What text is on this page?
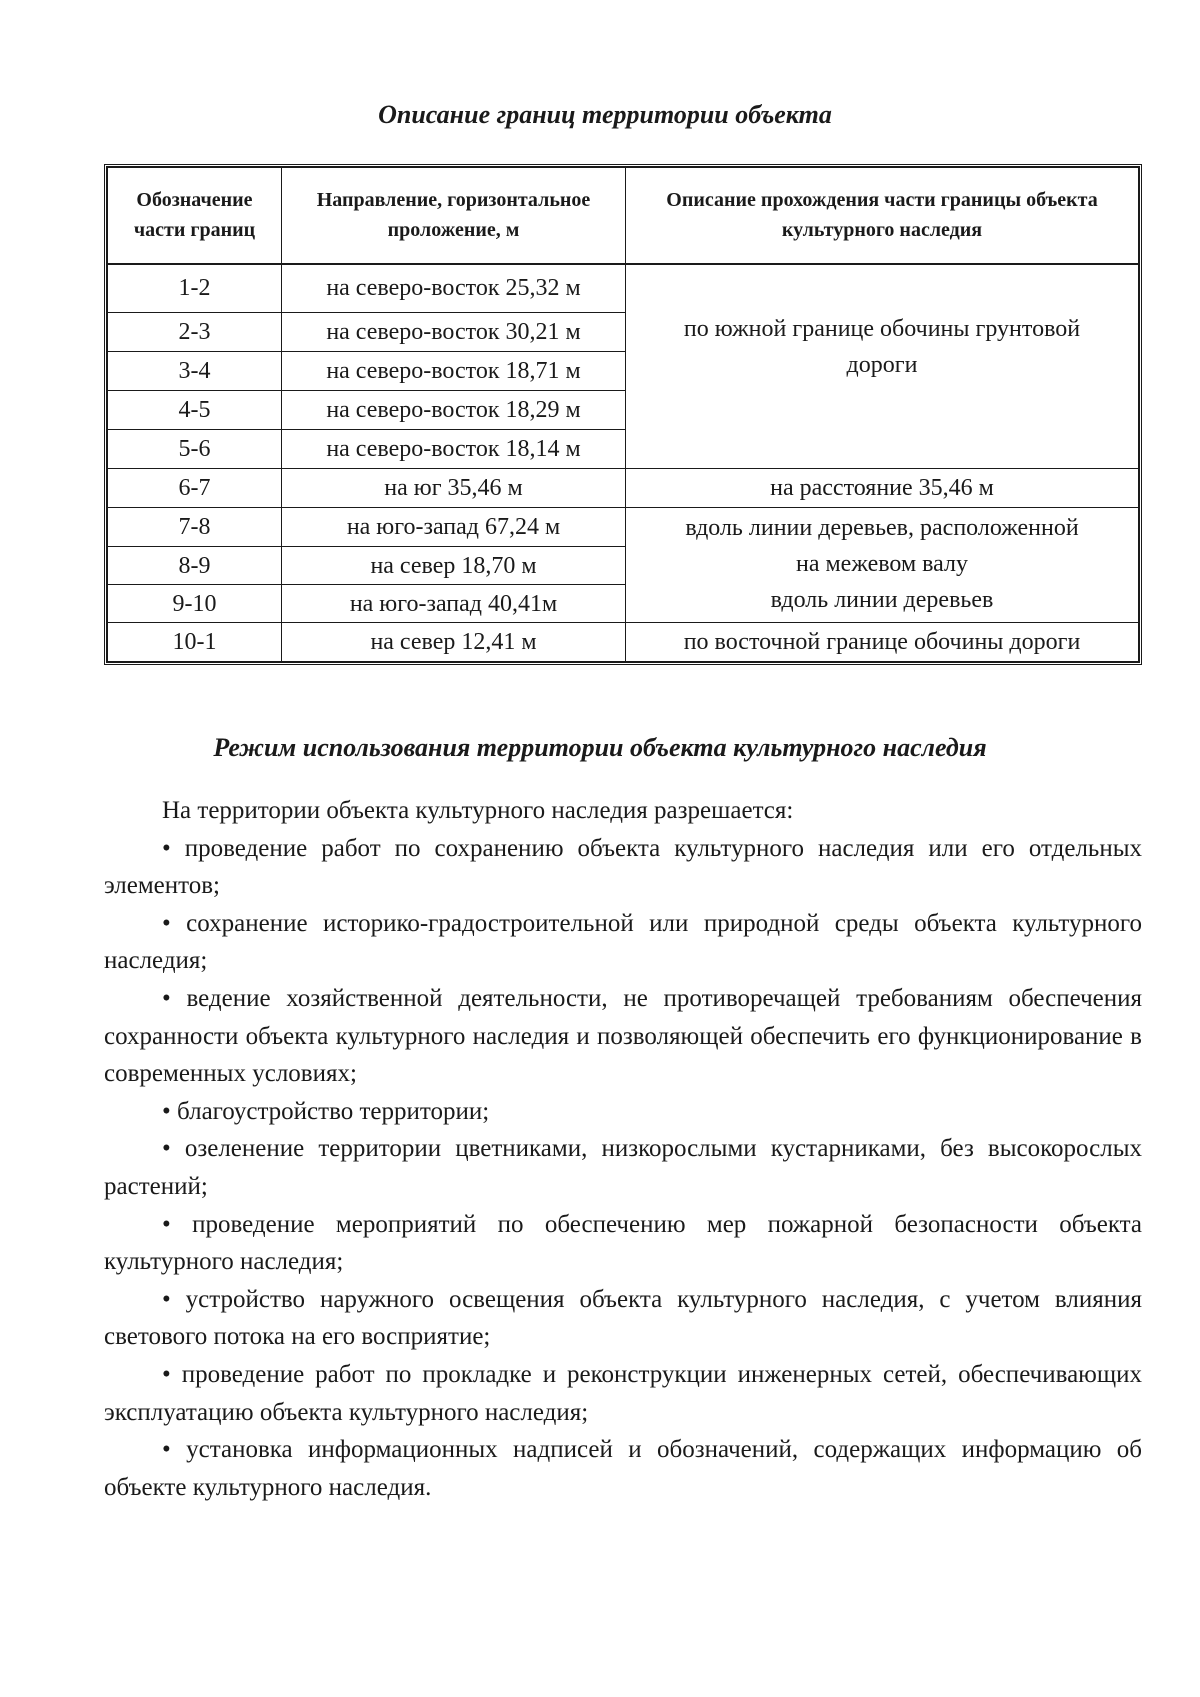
Описание границ территории объекта
Обозначение части границ	Направление, горизонтальное проложение, м	Описание прохождения части границы объекта культурного наследия
1-2	на северо-восток 25,32 м	по южной границе обочины грунтовой
дороги

2-3	на северо-восток 30,21 м	
3-4	на северо-восток 18,71 м	
4-5	на северо-восток 18,29 м	
5-6	на северо-восток 18,14 м	
6-7	на юг 35,46 м	на расстояние 35,46 м
7-8	на юго-запад 67,24 м	вдоль линии деревьев, расположенной
на межевом валу
вдоль линии деревьев

8-9	на север 18,70 м	
9-10	на юго-запад 40,41м	
10-1	на север 12,41 м	по восточной границе обочины дороги
Режим использования территории объекта культурного наследия

На территории объекта культурного наследия разрешается:

• проведение работ по сохранению объекта культурного наследия или его отдельных элементов;

• сохранение историко-градостроительной или природной среды объекта культурного наследия;

• ведение хозяйственной деятельности, не противоречащей требованиям обеспечения сохранности объекта культурного наследия и позволяющей обеспечить его функционирование в современных условиях;

• благоустройство территории;

• озеленение территории цветниками, низкорослыми кустарниками, без высокорослых растений;

• проведение мероприятий по обеспечению мер пожарной безопасности объекта культурного наследия;

• устройство наружного освещения объекта культурного наследия, с учетом влияния светового потока на его восприятие;

• проведение работ по прокладке и реконструкции инженерных сетей, обеспечивающих эксплуатацию объекта культурного наследия;

• установка информационных надписей и обозначений, содержащих информацию об объекте культурного наследия.
